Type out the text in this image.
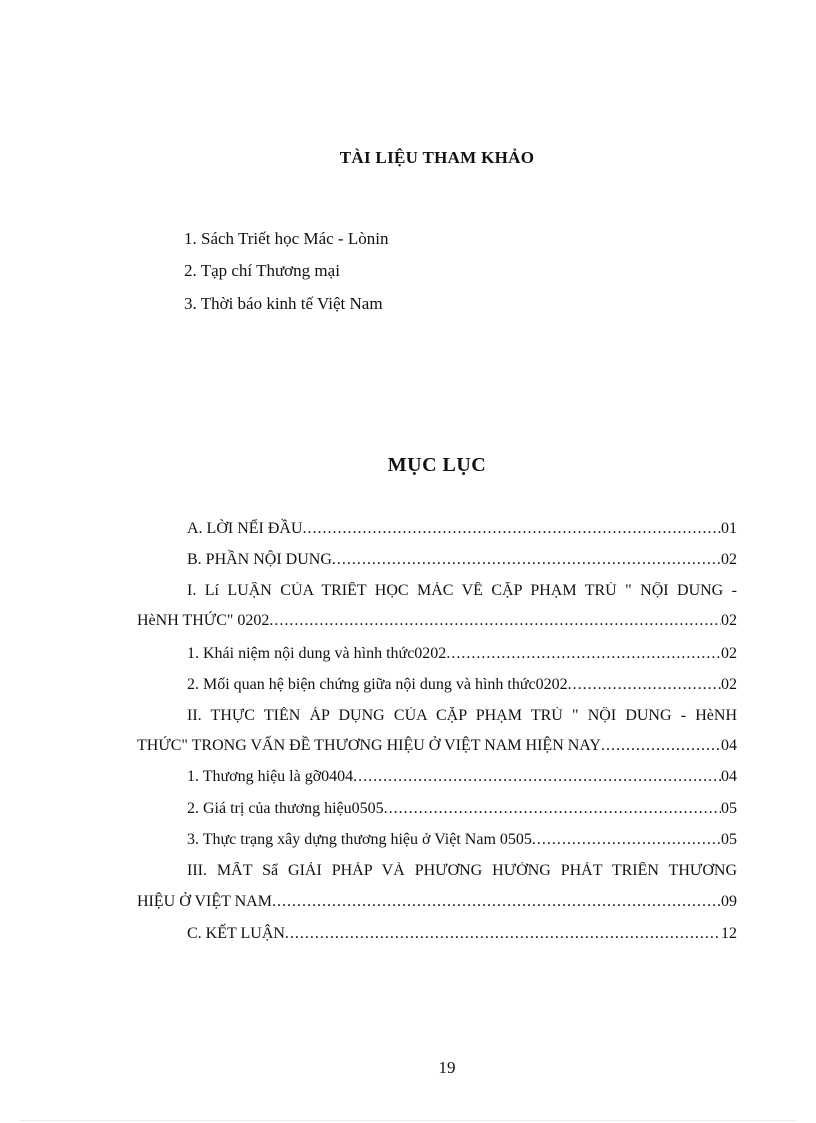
TÀI LIỆU THAM KHẢO
1. Sách Triết học Mác - Lònin
2. Tạp chí Thương mại
3. Thời báo kinh tế Việt Nam
MỤC LỤC
A. LỜI NỂI ĐẦU .....	01
B. PHẦN NỘI DUNG .....	02
I. Lí LUẬN CỦA TRIẾT HỌC MÁC VỀ CẶP PHẠM TRÙ " NỘI DUNG -
HèNH THỨC" 0202 .....	02
1. Khái niệm nội dung và hình thức0202 .....	02
2. Mối quan hệ biện chứng giữa nội dung và hình thức0202 .....	02
II. THỰC TIỄN ÁP DỤNG CỦA CẶP PHẠM TRÙ " NỘI DUNG - HèNH
THỨC" TRONG VẤN ĐỀ THƯƠNG HIỆU Ở VIỆT NAM HIỆN NAY .....	04
1. Thương hiệu là gỡ0404 .....	04
2. Giá trị của thương hiệu0505 .....	05
3. Thực trạng xây dựng thương hiệu ở Việt Nam 0505 .....	05
III. MẤT Sẩ GIẢI PHÁP VÀ PHƯƠNG HƯỚNG PHÁT TRIỂN THƯƠNG
HIỆU Ở VIỆT NAM .....	09
C. KẾT LUẬN .....	12
19
